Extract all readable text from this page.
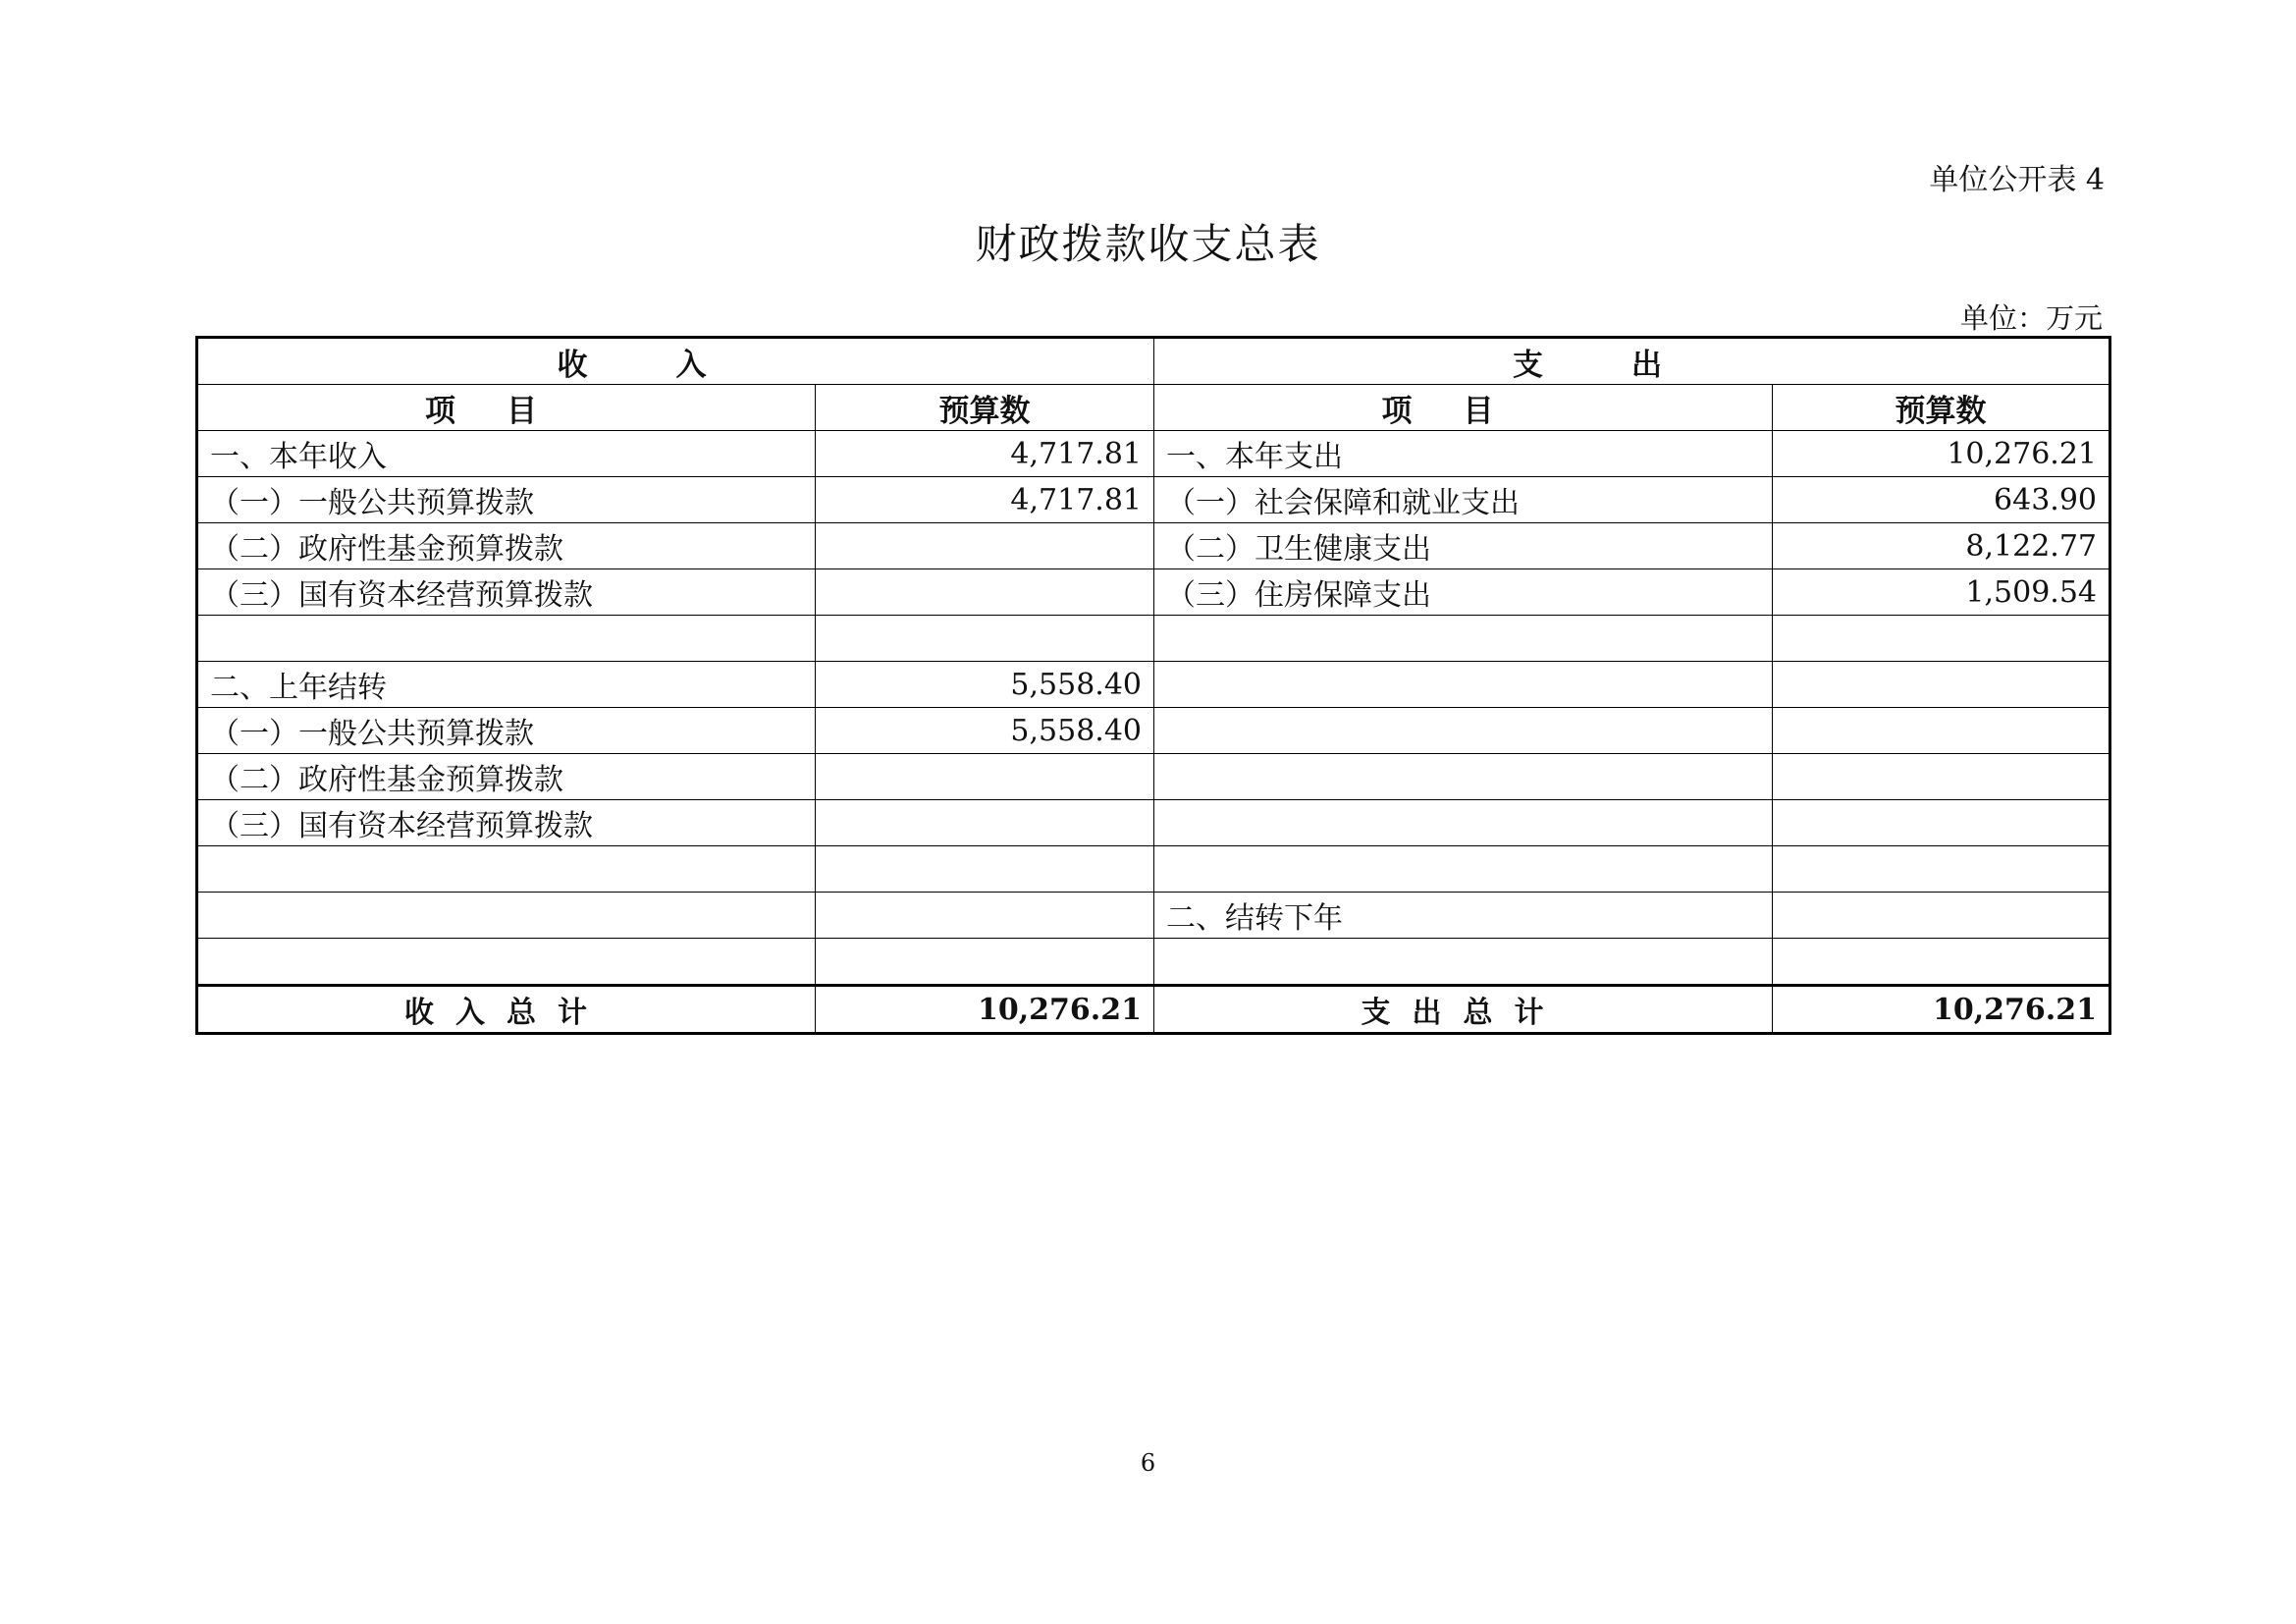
单位公开表 4
财政拨款收支总表
单位：万元
收入		支出	
项目	预算数	项目	预算数
一、本年收入	4,717.81	一、本年支出	10,276.21
（一）一般公共预算拨款	4,717.81	（一）社会保障和就业支出	643.90
（二）政府性基金预算拨款		（二）卫生健康支出	8,122.77
（三）国有资本经营预算拨款		（三）住房保障支出	1,509.54

二、上年结转	5,558.40		
（一）一般公共预算拨款	5,558.40		
（二）政府性基金预算拨款			
（三）国有资本经营预算拨款			

		二、结转下年	

收入总计	10,276.21	支出总计	10,276.21
6
